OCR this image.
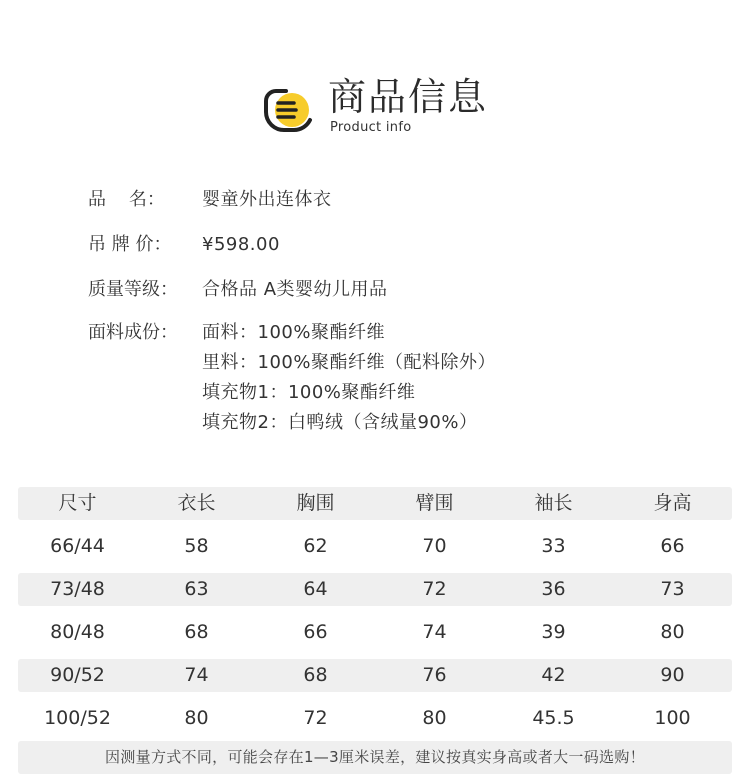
商品信息
Product info
品    名：	婴童外出连体衣
吊 牌 价：	¥598.00
质量等级：	合格品 A类婴幼儿用品
面料成份：	面料：100%聚酯纤维
里料：100%聚酯纤维（配料除外）
填充物1：100%聚酯纤维
填充物2：白鸭绒（含绒量90%）
尺寸	衣长	胸围	臂围	袖长	身高
66/44	58	62	70	33	66
73/48	63	64	72	36	73
80/48	68	66	74	39	80
90/52	74	68	76	42	90
100/52	80	72	80	45.5	100
因测量方式不同，可能会存在1—3厘米误差，建议按真实身高或者大一码选购！
